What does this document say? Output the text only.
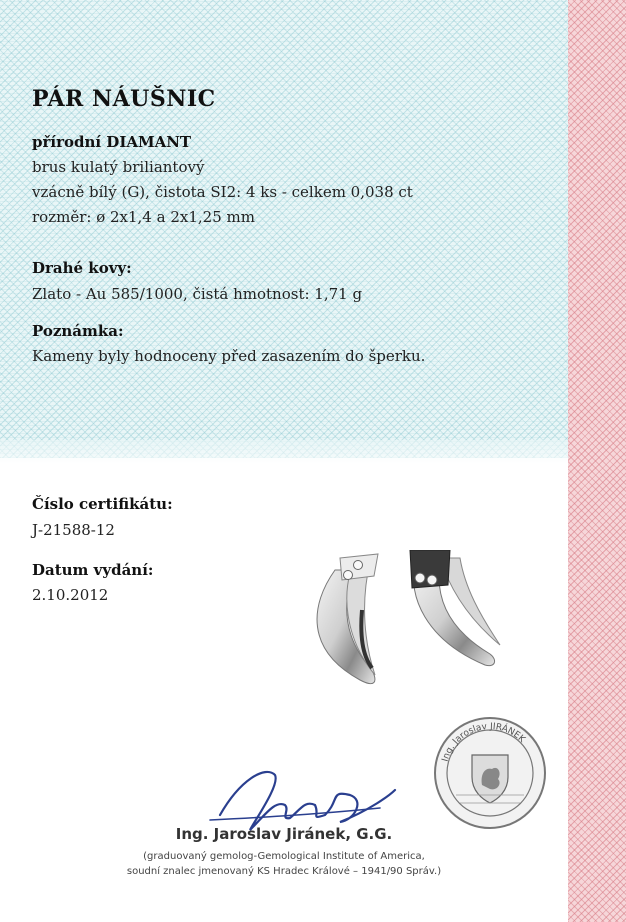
PÁR NÁUŠNIC
přírodní DIAMANT
brus kulatý briliantový
vzácně bílý (G), čistota SI2: 4 ks - celkem 0,038 ct
rozměr: ø 2x1,4 a 2x1,25 mm
Drahé kovy:
Zlato - Au 585/1000, čistá hmotnost: 1,71 g
Poznámka:
Kameny byly hodnoceny před zasazením do šperku.
Číslo certifikátu:
J-21588-12
Datum vydání:
2.10.2012
Ing. Jaroslav JIRÁNEK
Ing. Jaroslav Jiránek, G.G.
(graduovaný gemolog-Gemological Institute of America,
soudní znalec jmenovaný KS Hradec Králové – 1941/90 Správ.)
